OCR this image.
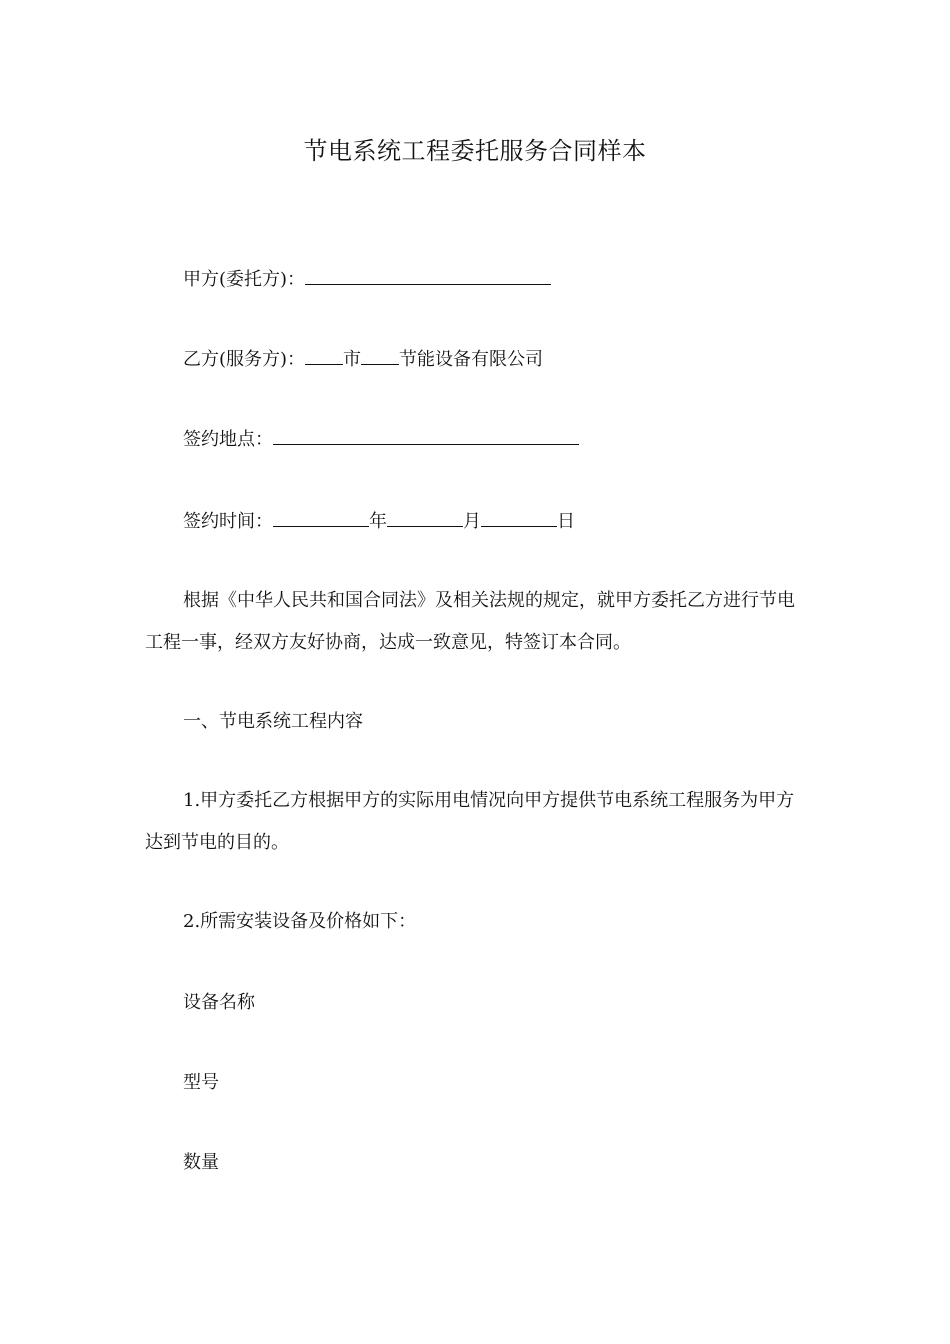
节电系统工程委托服务合同样本

甲方(委托方)：

乙方(服务方)： 市 节能设备有限公司

签约地点：

签约时间：	年	月	日

根据《中华人民共和国合同法》及相关法规的规定，就甲方委托乙方进行节电工程一事，经双方友好协商，达成一致意见，特签订本合同。

一、节电系统工程内容

1.甲方委托乙方根据甲方的实际用电情况向甲方提供节电系统工程服务为甲方达到节电的目的。

2.所需安装设备及价格如下：

设备名称

型号

数量
